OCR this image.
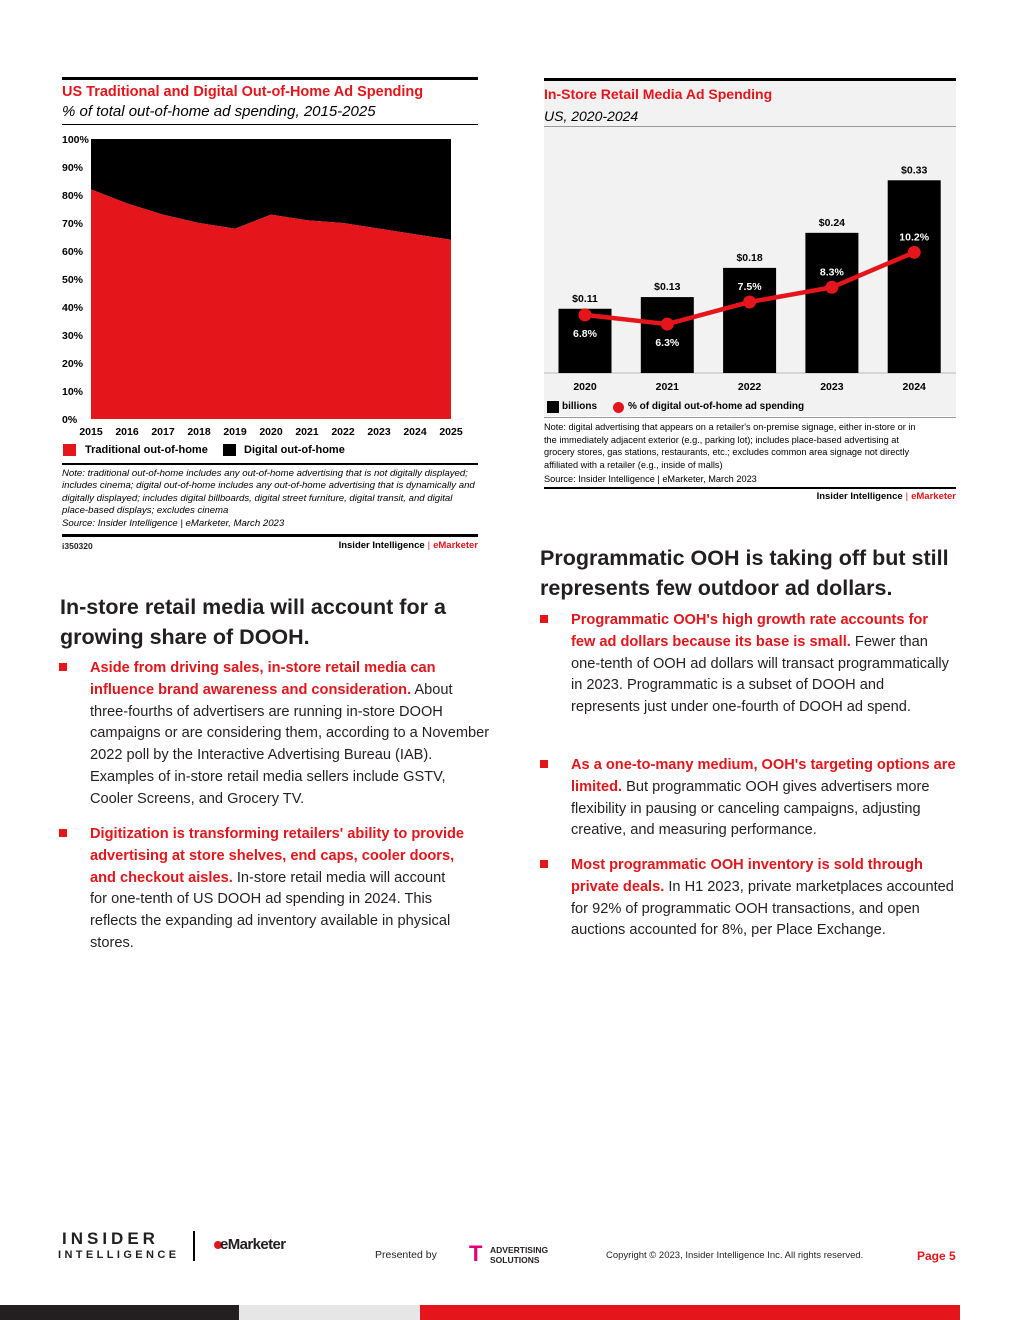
US Traditional and Digital Out-of-Home Ad Spending
% of total out-of-home ad spending, 2015-2025
0%
10%
20%
30%
40%
50%
60%
70%
80%
90%
100%
2015 2016 2017 2018 2019 2020 2021 2022 2023 2024 2025
Traditional out-of-home	Digital out-of-home
Note: traditional out-of-home includes any out-of-home advertising that is not digitally displayed; includes cinema; digital out-of-home includes any out-of-home advertising that is dynamically and digitally displayed; includes digital billboards, digital street furniture, digital transit, and digital place-based displays; excludes cinema
Source: Insider Intelligence | eMarketer, March 2023
i350320	Insider Intelligence | eMarketer
In-Store Retail Media Ad Spending
US, 2020-2024
$0.11
2020
$0.13
2021
$0.18
2022
$0.24
2023
$0.33
2024
6.8%
6.3%
7.5%
8.3%
10.2%
billions	% of digital out-of-home ad spending
Note: digital advertising that appears on a retailer's on-premise signage, either in-store or in the immediately adjacent exterior (e.g., parking lot); includes place-based advertising at grocery stores, gas stations, restaurants, etc.; excludes common area signage not directly affiliated with a retailer (e.g., inside of malls)
Source: Insider Intelligence | eMarketer, March 2023
Insider Intelligence | eMarketer
In-store retail media will account for a growing share of DOOH.
Aside from driving sales, in-store retail media can influence brand awareness and consideration. About three-fourths of advertisers are running in-store DOOH campaigns or are considering them, according to a November 2022 poll by the Interactive Advertising Bureau (IAB). Examples of in-store retail media sellers include GSTV, Cooler Screens, and Grocery TV.
Digitization is transforming retailers' ability to provide advertising at store shelves, end caps, cooler doors, and checkout aisles. In-store retail media will account for one-tenth of US DOOH ad spending in 2024. This reflects the expanding ad inventory available in physical stores.
Programmatic OOH is taking off but still represents few outdoor ad dollars.
Programmatic OOH's high growth rate accounts for few ad dollars because its base is small. Fewer than one-tenth of OOH ad dollars will transact programmatically in 2023. Programmatic is a subset of DOOH and represents just under one-fourth of DOOH ad spend.
As a one-to-many medium, OOH's targeting options are limited. But programmatic OOH gives advertisers more flexibility in pausing or canceling campaigns, adjusting creative, and measuring performance.
Most programmatic OOH inventory is sold through private deals. In H1 2023, private marketplaces accounted for 92% of programmatic OOH transactions, and open auctions accounted for 8%, per Place Exchange.
INSIDER
INTELLIGENCE
eMarketer
Presented by T ADVERTISING
SOLUTIONS	Copyright © 2023, Insider Intelligence Inc. All rights reserved.	Page 5
